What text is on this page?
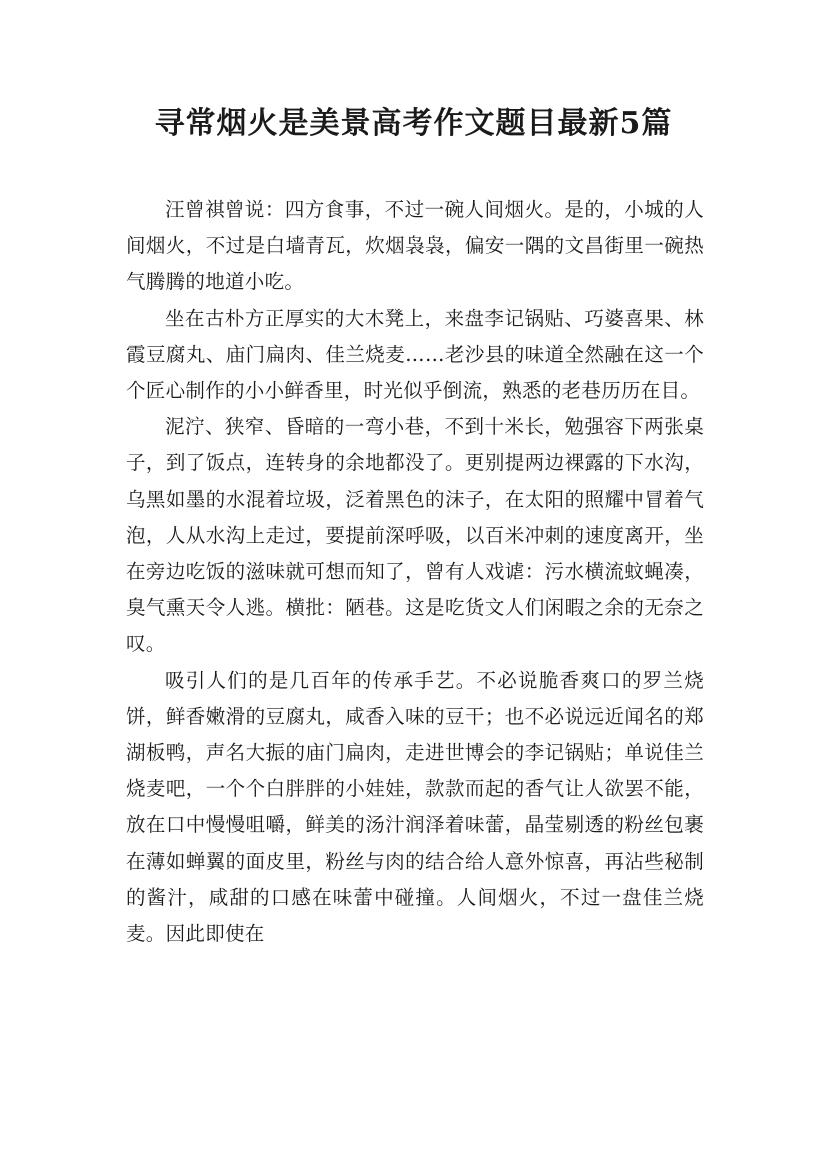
寻常烟火是美景高考作文题目最新5篇

汪曾祺曾说：四方食事，不过一碗人间烟火。是的，小城的人间烟火，不过是白墙青瓦，炊烟袅袅，偏安一隅的文昌街里一碗热气腾腾的地道小吃。

坐在古朴方正厚实的大木凳上，来盘李记锅贴、巧婆喜果、林霞豆腐丸、庙门扁肉、佳兰烧麦……老沙县的味道全然融在这一个个匠心制作的小小鲜香里，时光似乎倒流，熟悉的老巷历历在目。

泥泞、狭窄、昏暗的一弯小巷，不到十米长，勉强容下两张桌子，到了饭点，连转身的余地都没了。更别提两边裸露的下水沟，乌黑如墨的水混着垃圾，泛着黑色的沫子，在太阳的照耀中冒着气泡，人从水沟上走过，要提前深呼吸，以百米冲刺的速度离开，坐在旁边吃饭的滋味就可想而知了，曾有人戏谑：污水横流蚊蝇凑，臭气熏天令人逃。横批：陋巷。这是吃货文人们闲暇之余的无奈之叹。

吸引人们的是几百年的传承手艺。不必说脆香爽口的罗兰烧饼，鲜香嫩滑的豆腐丸，咸香入味的豆干；也不必说远近闻名的郑湖板鸭，声名大振的庙门扁肉，走进世博会的李记锅贴；单说佳兰烧麦吧，一个个白胖胖的小娃娃，款款而起的香气让人欲罢不能，放在口中慢慢咀嚼，鲜美的汤汁润泽着味蕾，晶莹剔透的粉丝包裹在薄如蝉翼的面皮里，粉丝与肉的结合给人意外惊喜，再沾些秘制的酱汁，咸甜的口感在味蕾中碰撞。人间烟火，不过一盘佳兰烧麦。因此即使在
